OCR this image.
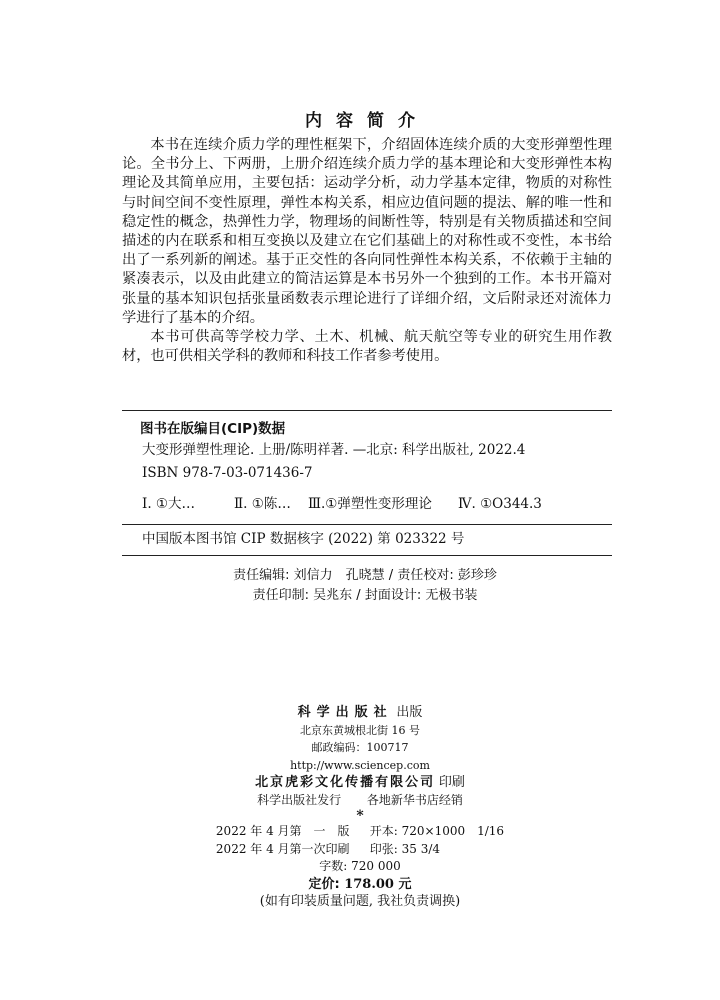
内容简介

本书在连续介质力学的理性框架下，介绍固体连续介质的大变形弹塑性理论。全书分上、下两册，上册介绍连续介质力学的基本理论和大变形弹性本构理论及其简单应用，主要包括：运动学分析，动力学基本定律，物质的对称性与时间空间不变性原理，弹性本构关系，相应边值问题的提法、解的唯一性和稳定性的概念，热弹性力学，物理场的间断性等，特别是有关物质描述和空间描述的内在联系和相互变换以及建立在它们基础上的对称性或不变性，本书给出了一系列新的阐述。基于正交性的各向同性弹性本构关系，不依赖于主轴的紧凑表示，以及由此建立的简洁运算是本书另外一个独到的工作。本书开篇对张量的基本知识包括张量函数表示理论进行了详细介绍，文后附录还对流体力学进行了基本的介绍。

本书可供高等学校力学、土木、机械、航天航空等专业的研究生用作教材，也可供相关学科的教师和科技工作者参考使用。

图书在版编目(CIP)数据
大变形弹塑性理论. 上册/陈明祥著. —北京: 科学出版社, 2022.4
ISBN 978-7-03-071436-7
Ⅰ. ①大…	Ⅱ. ①陈…	Ⅲ.①弹塑性变形理论	Ⅳ. ①O344.3
中国版本图书馆 CIP 数据核字 (2022) 第 023322 号
责任编辑: 刘信力　孔晓慧 / 责任校对: 彭珍珍
责任印制: 吴兆东 / 封面设计: 无极书装
科学出版社 出版
北京东黄城根北街 16 号
邮政编码：100717
http://www.sciencep.com
北京虎彩文化传播有限公司 印刷
科学出版社发行 各地新华书店经销
*
2022 年 4 月第　一　版 开本: 720×1000　1/16
2022 年 4 月第一次印刷 印张: 35 3/4
字数: 720 000
定价: 178.00 元
(如有印装质量问题, 我社负责调换)
